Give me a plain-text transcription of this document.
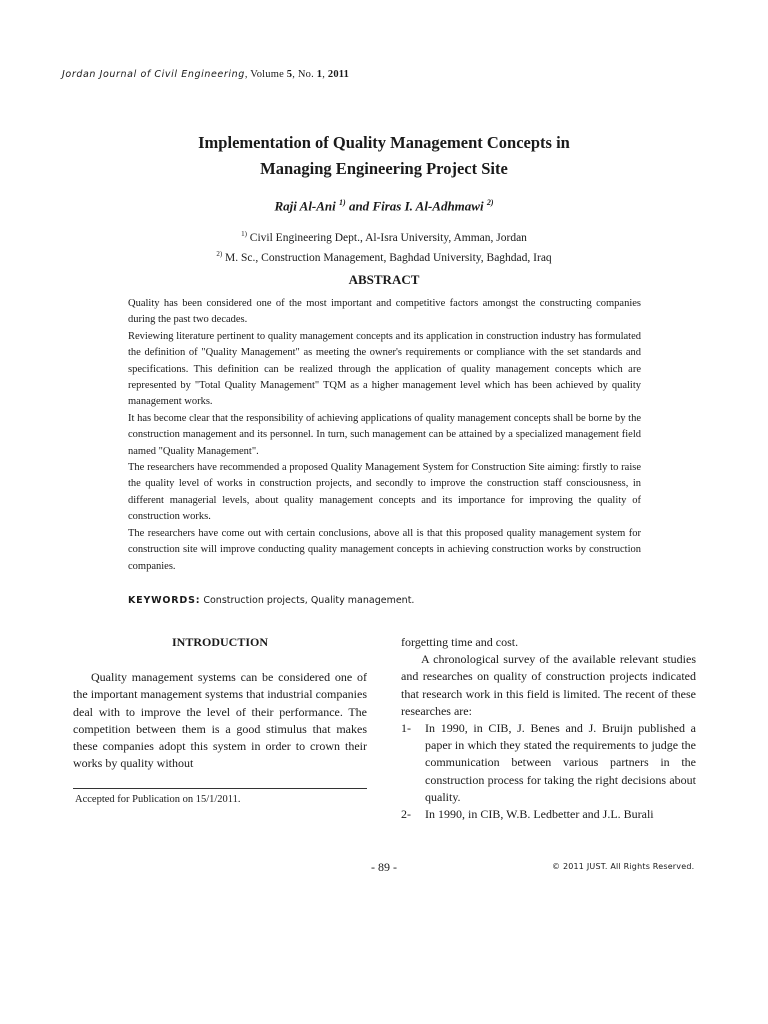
Jordan Journal of Civil Engineering, Volume 5, No. 1, 2011
Implementation of Quality Management Concepts in
Managing Engineering Project Site
Raji Al-Ani $^{1)}$ and Firas I. Al-Adhmawi $^{2)}$
$^{1)}$ Civil Engineering Dept., Al-Isra University, Amman, Jordan
$^{2)}$ M. Sc., Construction Management, Baghdad University, Baghdad, Iraq
ABSTRACT

Quality has been considered one of the most important and competitive factors amongst the constructing companies during the past two decades.

Reviewing literature pertinent to quality management concepts and its application in construction industry has formulated the definition of "Quality Management" as meeting the owner's requirements or compliance with the set standards and specifications. This definition can be realized through the application of quality management concepts which are represented by "Total Quality Management" TQM as a higher management level which has been achieved by quality management works.

It has become clear that the responsibility of achieving applications of quality management concepts shall be borne by the construction management and its personnel. In turn, such management can be attained by a specialized management field named "Quality Management".

The researchers have recommended a proposed Quality Management System for Construction Site aiming: firstly to raise the quality level of works in construction projects, and secondly to improve the construction staff consciousness, in different managerial levels, about quality management concepts and its importance for improving the quality of construction works.

The researchers have come out with certain conclusions, above all is that this proposed quality management system for construction site will improve conducting quality management concepts in achieving construction works by construction companies.

KEYWORDS: Construction projects, Quality management.
INTRODUCTION

Quality management systems can be considered one of the important management systems that industrial companies deal with to improve the level of their performance. The competition between them is a good stimulus that makes these companies adopt this system in order to crown their works by quality without

Accepted for Publication on 15/1/2011.

forgetting time and cost.

A chronological survey of the available relevant studies and researches on quality of construction projects indicated that research work in this field is limited. The recent of these researches are:

1-	In 1990, in CIB, J. Benes and J. Bruijn published a paper in which they stated the requirements to judge the communication between various partners in the construction process for taking the right decisions about quality.
2-	In 1990, in CIB, W.B. Ledbetter and J.L. Burali
- 89 -	© 2011 JUST. All Rights Reserved.
